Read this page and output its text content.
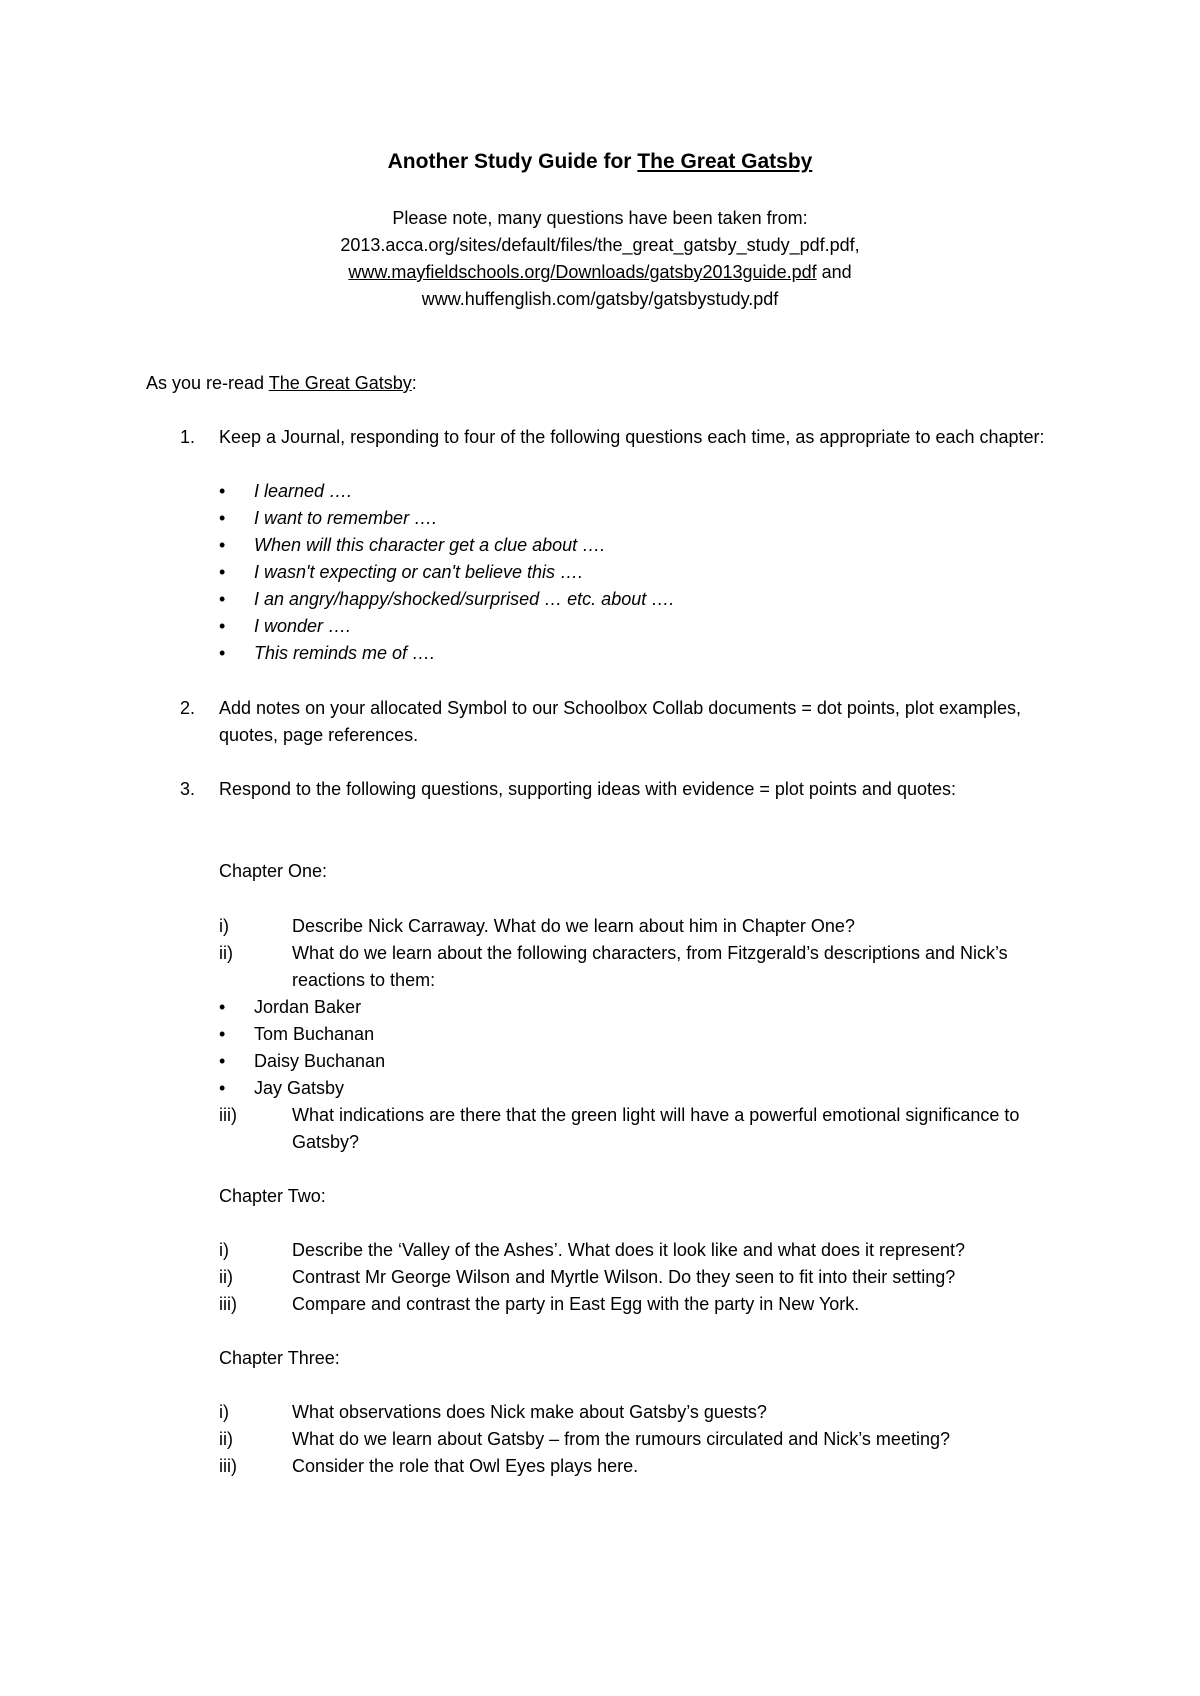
Another Study Guide for The Great Gatsby
Please note, many questions have been taken from:
2013.acca.org/sites/default/files/the_great_gatsby_study_pdf.pdf,
www.mayfieldschools.org/Downloads/gatsby2013guide.pdf and
www.huffenglish.com/gatsby/gatsbystudy.pdf
As you re-read The Great Gatsby:
1. Keep a Journal, responding to four of the following questions each time, as appropriate to each chapter:
• I learned ….
• I want to remember ….
• When will this character get a clue about ….
• I wasn't expecting or can't believe this ….
• I an angry/happy/shocked/surprised … etc. about ….
• I wonder ….
• This reminds me of ….
2. Add notes on your allocated Symbol to our Schoolbox Collab documents = dot points, plot examples, quotes, page references.
3. Respond to the following questions, supporting ideas with evidence = plot points and quotes:
Chapter One:
i)	Describe Nick Carraway. What do we learn about him in Chapter One?
ii)	What do we learn about the following characters, from Fitzgerald’s descriptions and Nick’s reactions to them:
• Jordan Baker
• Tom Buchanan
• Daisy Buchanan
• Jay Gatsby
iii)	What indications are there that the green light will have a powerful emotional significance to Gatsby?
Chapter Two:
i)	Describe the ‘Valley of the Ashes’. What does it look like and what does it represent?
ii)	Contrast Mr George Wilson and Myrtle Wilson. Do they seen to fit into their setting?
iii)	Compare and contrast the party in East Egg with the party in New York.
Chapter Three:
i)	What observations does Nick make about Gatsby’s guests?
ii)	What do we learn about Gatsby – from the rumours circulated and Nick’s meeting?
iii)	Consider the role that Owl Eyes plays here.
